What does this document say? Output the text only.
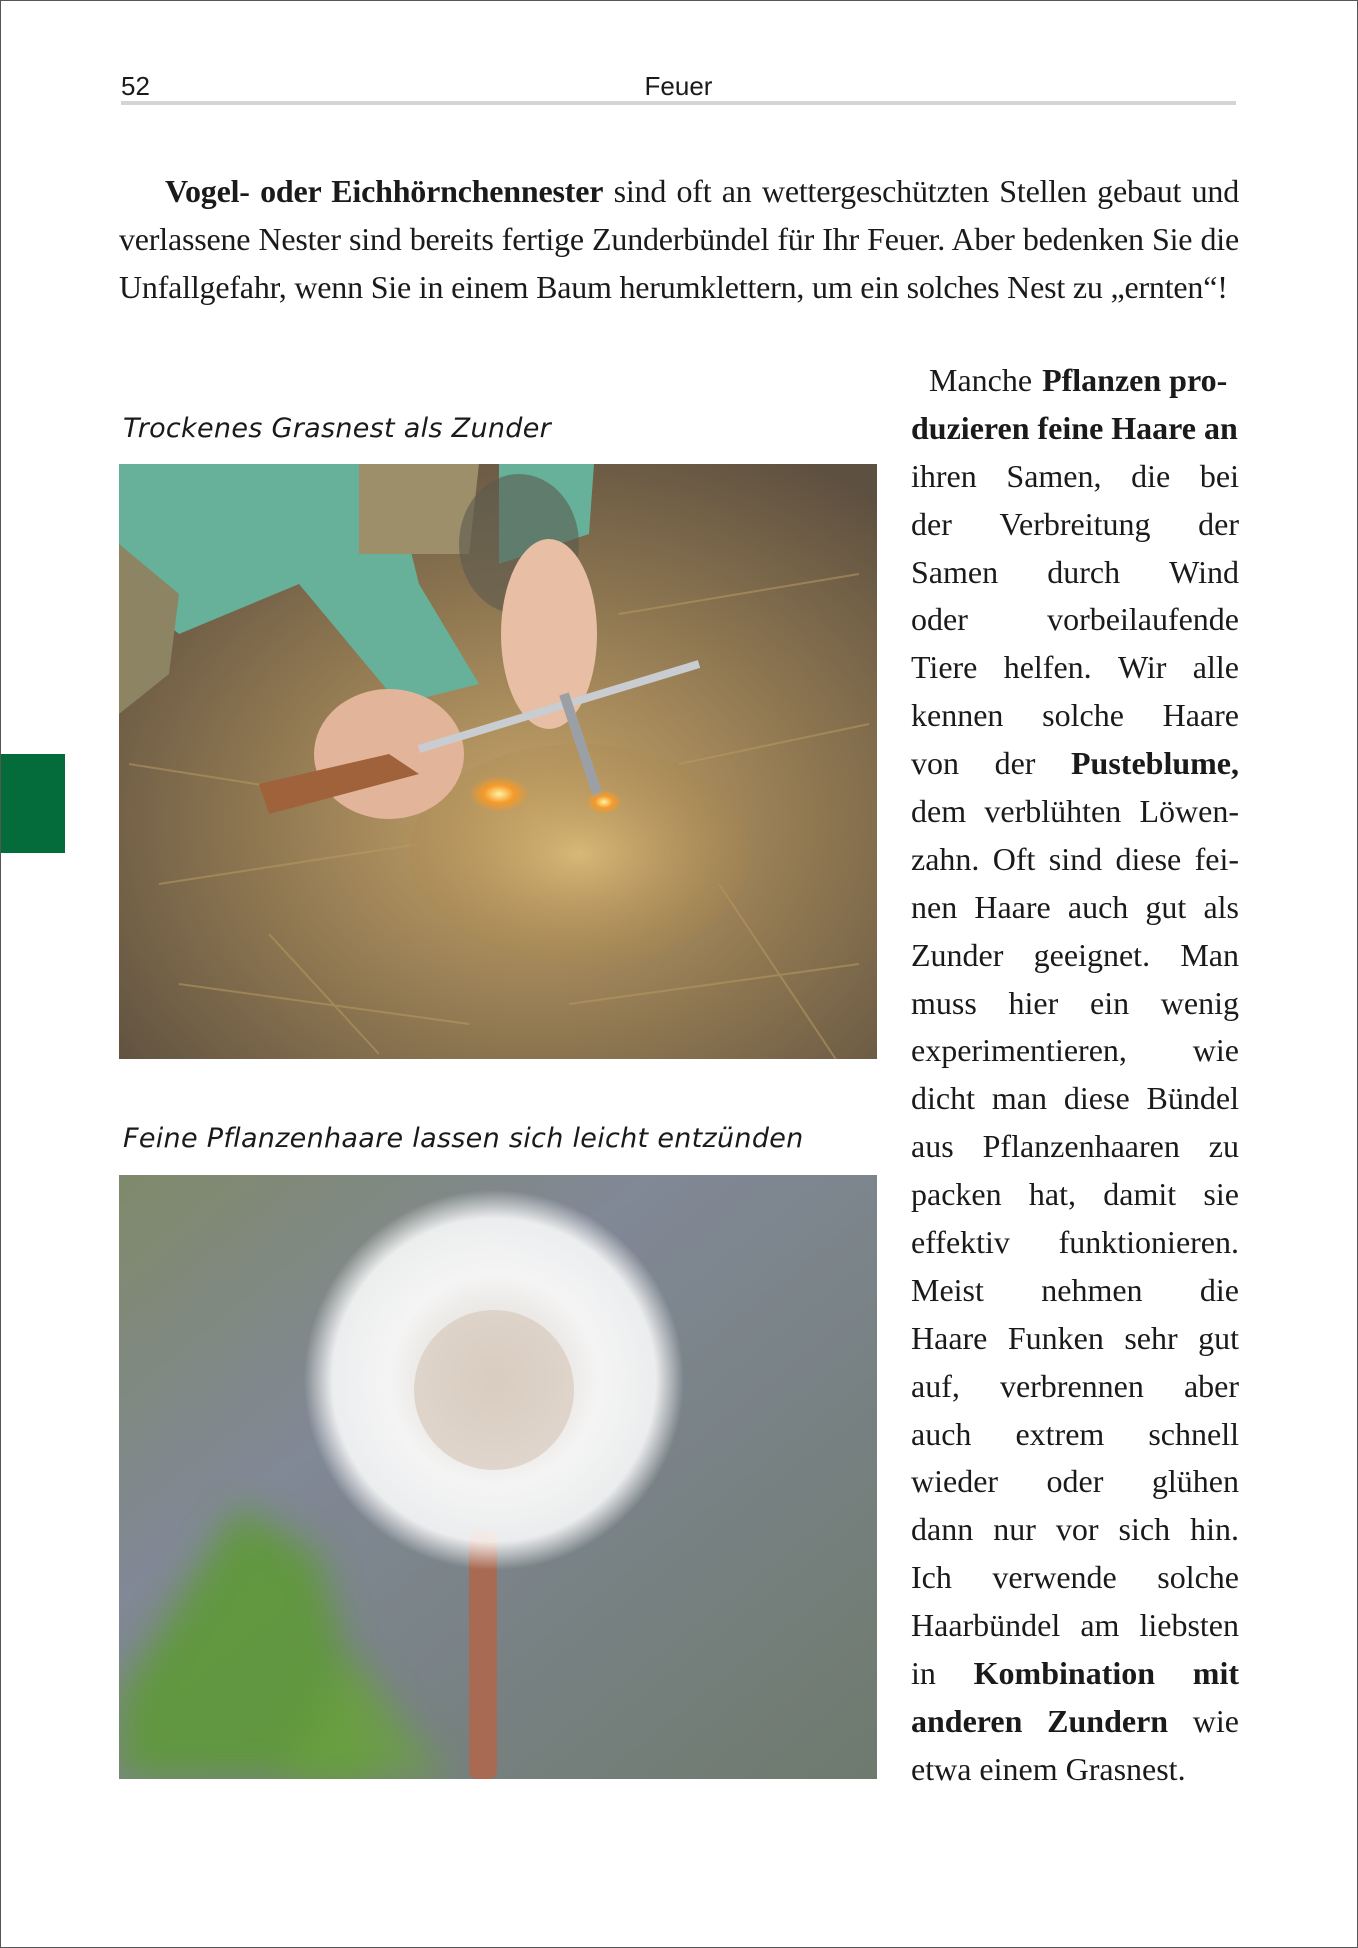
52	Feuer

Vogel- oder Eichhörnchennester sind oft an wettergeschützten Stellen gebaut und verlassene Nester sind bereits fertige Zunderbündel für Ihr Feuer. Aber bedenken Sie die Unfallgefahr, wenn Sie in einem Baum herumklettern, um ein solches Nest zu „ernten“!

Trockenes Grasnest als Zunder
Feine Pflanzenhaare lassen sich leicht entzünden
Manche Pflanzen pro-
duzieren feine Haare an
ihren Samen, die bei
der Verbreitung der
Samen durch Wind
oder vorbeilaufende
Tiere helfen. Wir alle
kennen solche Haare
von der Pusteblume,
dem verblühten Löwen-
zahn. Oft sind diese fei-
nen Haare auch gut als
Zunder geeignet. Man
muss hier ein wenig
experimentieren, wie
dicht man diese Bündel
aus Pflanzenhaaren zu
packen hat, damit sie
effektiv funktionieren.
Meist nehmen die
Haare Funken sehr gut
auf, verbrennen aber
auch extrem schnell
wieder oder glühen
dann nur vor sich hin.
Ich verwende solche
Haarbündel am liebsten
in Kombination mit
anderen Zundern wie
etwa einem Grasnest.
